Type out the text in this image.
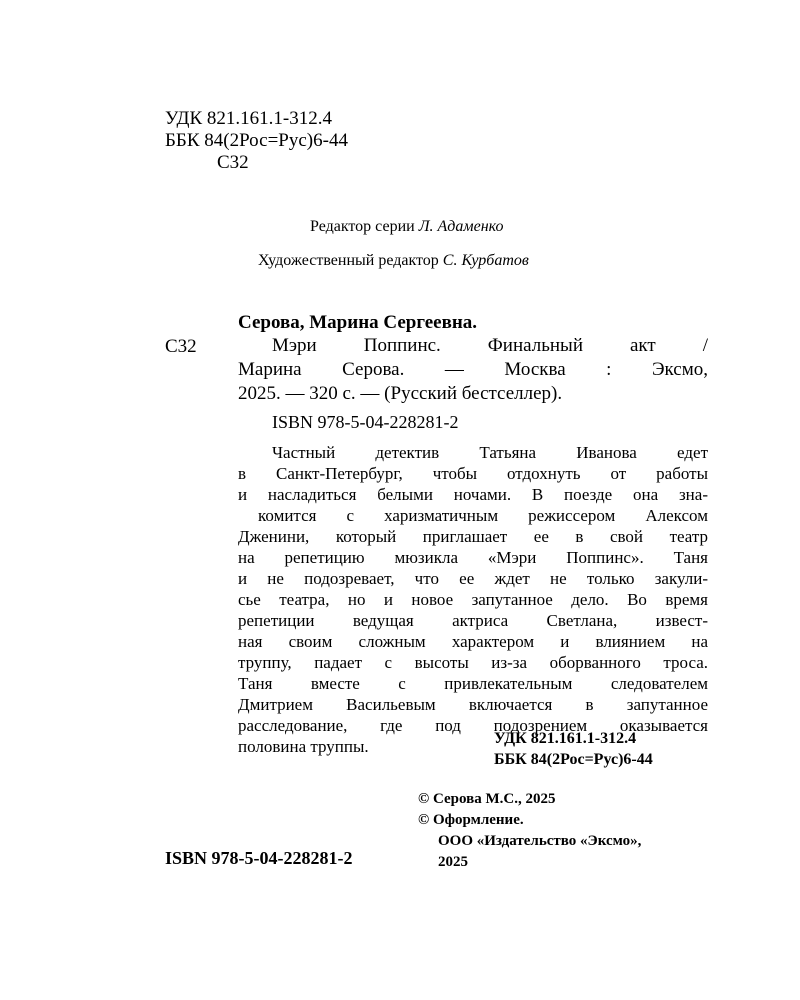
УДК 821.161.1-312.4
ББК 84(2Рос=Рус)6-44
С32
Редактор серии Л. Адаменко
Художественный редактор С. Курбатов
Серова, Марина Сергеевна.
С32	Мэри Поппинс. Финальный акт /
Марина Серова. — Москва : Эксмо,
2025. — 320 с. — (Русский бестселлер).
ISBN 978-5-04-228281-2
Частный детектив Татьяна Иванова едет
в Санкт-Петербург, чтобы отдохнуть от работы
и насладиться белыми ночами. В поезде она зна-
комится с харизматичным режиссером Алексом
Дженини, который приглашает ее в свой театр
на репетицию мюзикла «Мэри Поппинс». Таня
и не подозревает, что ее ждет не только закули-
сье театра, но и новое запутанное дело. Во время
репетиции ведущая актриса Светлана, извест-
ная своим сложным характером и влиянием на
труппу, падает с высоты из-за оборванного троса.
Таня вместе с привлекательным следователем
Дмитрием Васильевым включается в запутанное
расследование, где под подозрением оказывается
половина труппы.	УДК 821.161.1-312.4
ББК 84(2Рос=Рус)6-44
© Серова М.С., 2025
© Оформление.
ООО «Издательство «Эксмо»,
2025
ISBN 978-5-04-228281-2
